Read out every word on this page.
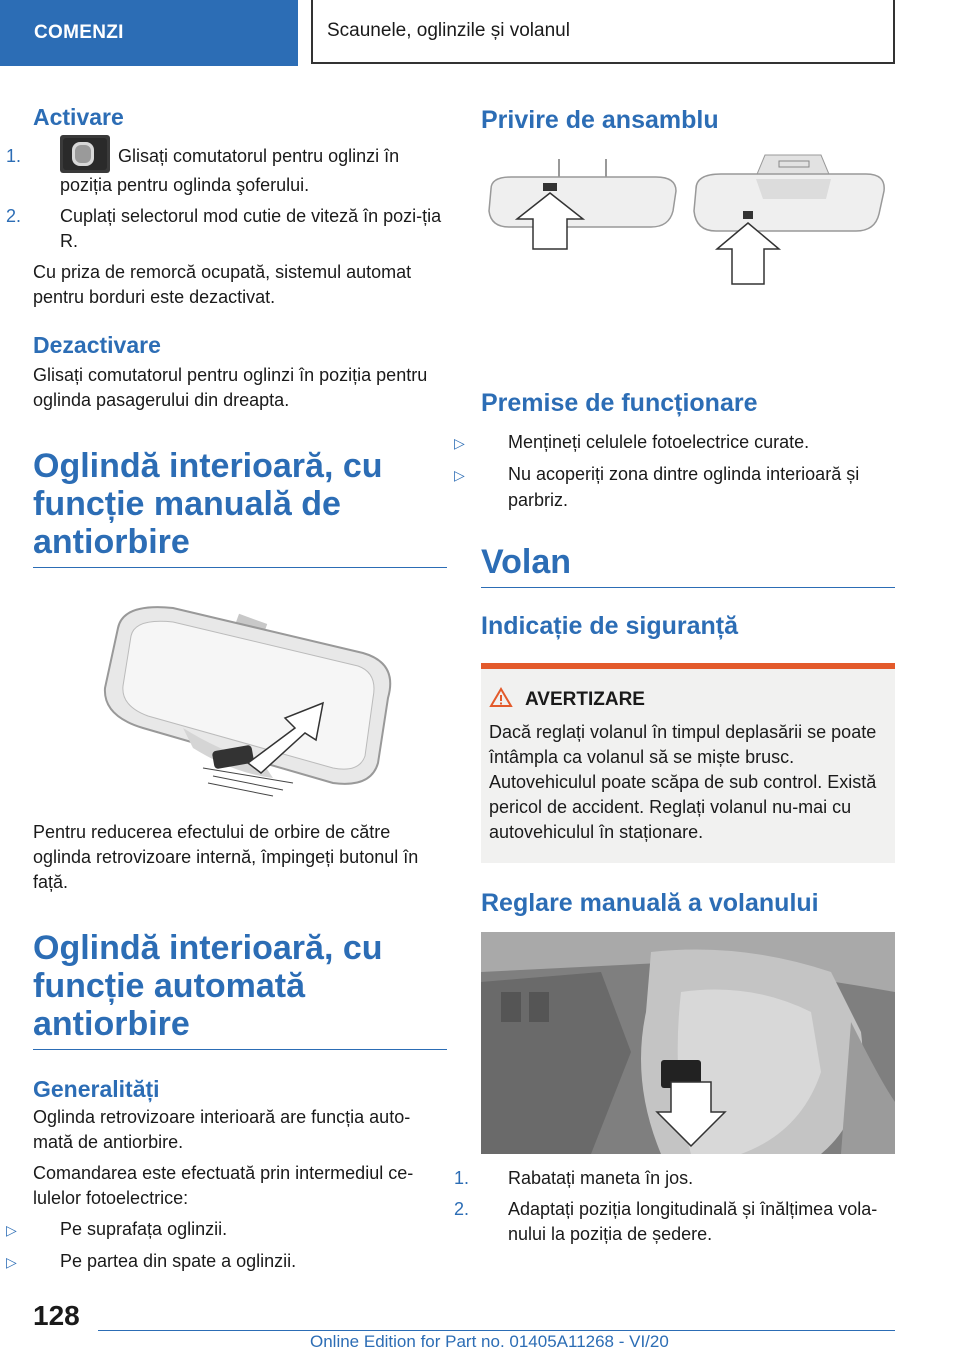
COMENZI	Scaunele, oglinzile și volanul
Activare
1.	Glisați comutatorul pentru oglinzi în poziția pentru oglinda şoferului.
2. Cuplați selectorul mod cutie de viteză în pozi‐ția R.

Cu priza de remorcă ocupată, sistemul automat pentru borduri este dezactivat.

Dezactivare

Glisați comutatorul pentru oglinzi în poziția pentru oglinda pasagerului din dreapta.

Oglindă interioară, cu funcție manuală de antiorbire

Pentru reducerea efectului de orbire de către oglinda retrovizoare internă, împingeți butonul în față.

Oglindă interioară, cu funcție automată antiorbire
Generalități

Oglinda retrovizoare interioară are funcția auto‐mată de antiorbire.

Comandarea este efectuată prin intermediul ce‐lulelor fotoelectrice:

▷ Pe suprafața oglinzii.
▷ Pe partea din spate a oglinzii.
Privire de ansamblu
Premise de funcționare
▷ Mențineți celulele fotoelectrice curate.
▷ Nu acoperiți zona dintre oglinda interioară și parbriz.
Volan
Indicație de siguranță
AVERTIZARE

Dacă reglați volanul în timpul deplasării se poate întâmpla ca volanul să se miște brusc. Autovehiculul poate scăpa de sub control. Există pericol de accident. Reglați volanul nu‐mai cu autovehiculul în staționare.

Reglare manuală a volanului
1. Rabatați maneta în jos.
2. Adaptați poziția longitudinală și înălțimea vola‐nului la poziția de ședere.
128
Online Edition for Part no. 01405A11268 - VI/20
